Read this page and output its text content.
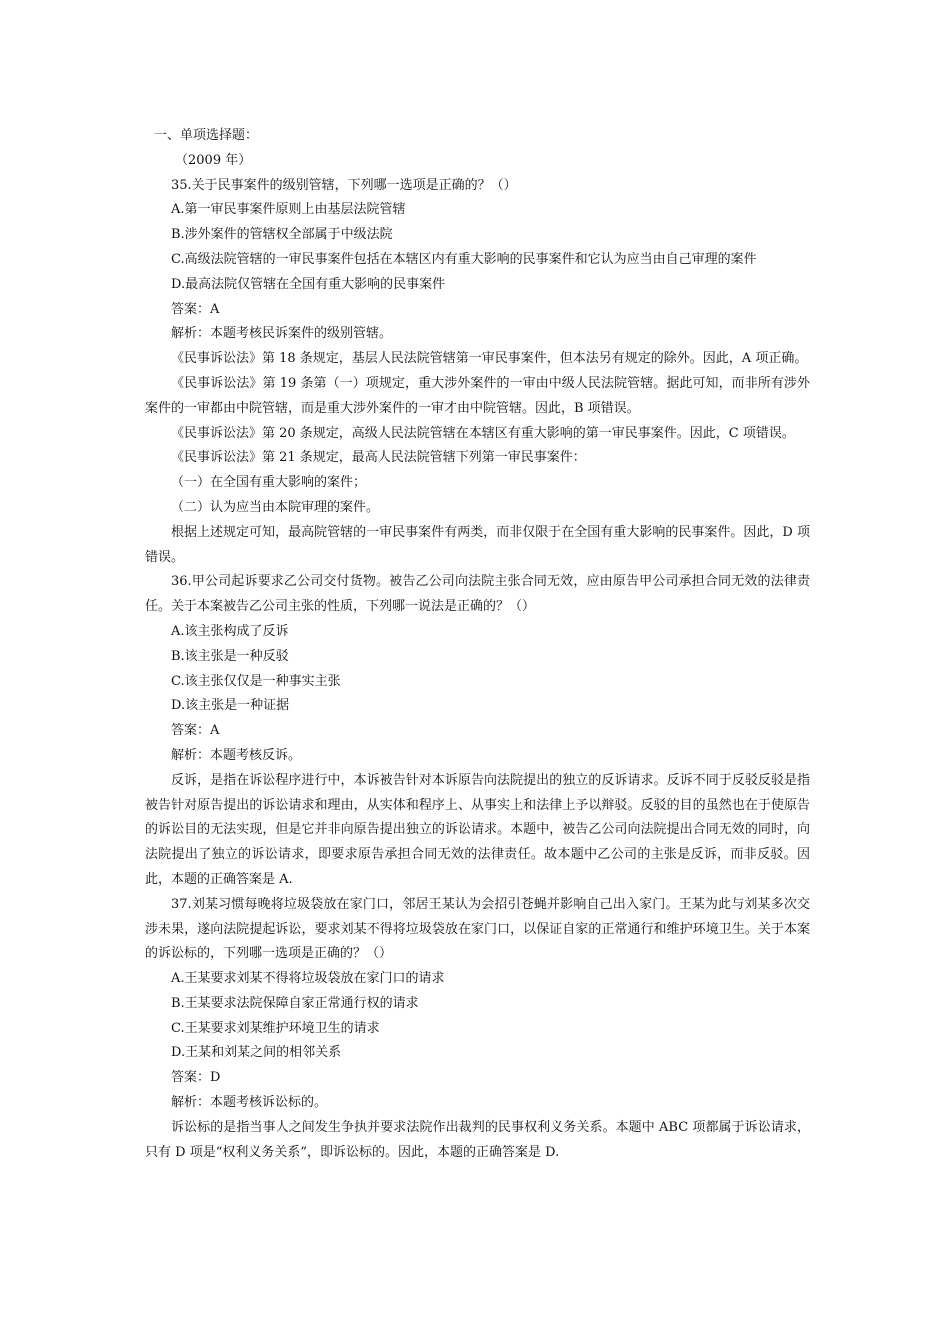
一、单项选择题：

（2009 年）

35.关于民事案件的级别管辖，下列哪一选项是正确的？（）

A.第一审民事案件原则上由基层法院管辖

B.涉外案件的管辖权全部属于中级法院

C.高级法院管辖的一审民事案件包括在本辖区内有重大影响的民事案件和它认为应当由自己审理的案件

D.最高法院仅管辖在全国有重大影响的民事案件

答案：A

解析：本题考核民诉案件的级别管辖。

《民事诉讼法》第 18 条规定，基层人民法院管辖第一审民事案件，但本法另有规定的除外。因此，A 项正确。

《民事诉讼法》第 19 条第（一）项规定，重大涉外案件的一审由中级人民法院管辖。据此可知，而非所有涉外案件的一审都由中院管辖，而是重大涉外案件的一审才由中院管辖。因此，B 项错误。

《民事诉讼法》第 20 条规定，高级人民法院管辖在本辖区有重大影响的第一审民事案件。因此，C 项错误。

《民事诉讼法》第 21 条规定，最高人民法院管辖下列第一审民事案件：

（一）在全国有重大影响的案件；

（二）认为应当由本院审理的案件。

根据上述规定可知，最高院管辖的一审民事案件有两类，而非仅限于在全国有重大影响的民事案件。因此，D 项错误。

36.甲公司起诉要求乙公司交付货物。被告乙公司向法院主张合同无效，应由原告甲公司承担合同无效的法律责任。关于本案被告乙公司主张的性质，下列哪一说法是正确的？（）

A.该主张构成了反诉

B.该主张是一种反驳

C.该主张仅仅是一种事实主张

D.该主张是一种证据

答案：A

解析：本题考核反诉。

反诉，是指在诉讼程序进行中，本诉被告针对本诉原告向法院提出的独立的反诉请求。反诉不同于反驳反驳是指被告针对原告提出的诉讼请求和理由，从实体和程序上、从事实上和法律上予以辩驳。反驳的目的虽然也在于使原告的诉讼目的无法实现，但是它并非向原告提出独立的诉讼请求。本题中，被告乙公司向法院提出合同无效的同时，向法院提出了独立的诉讼请求，即要求原告承担合同无效的法律责任。故本题中乙公司的主张是反诉，而非反驳。因此，本题的正确答案是 A.

37.刘某习惯每晚将垃圾袋放在家门口，邻居王某认为会招引苍蝇并影响自己出入家门。王某为此与刘某多次交涉未果，遂向法院提起诉讼，要求刘某不得将垃圾袋放在家门口，以保证自家的正常通行和维护环境卫生。关于本案的诉讼标的，下列哪一选项是正确的？（）

A.王某要求刘某不得将垃圾袋放在家门口的请求

B.王某要求法院保障自家正常通行权的请求

C.王某要求刘某维护环境卫生的请求

D.王某和刘某之间的相邻关系

答案：D

解析：本题考核诉讼标的。

诉讼标的是指当事人之间发生争执并要求法院作出裁判的民事权利义务关系。本题中 ABC 项都属于诉讼请求，只有 D 项是“权利义务关系”，即诉讼标的。因此，本题的正确答案是 D.
